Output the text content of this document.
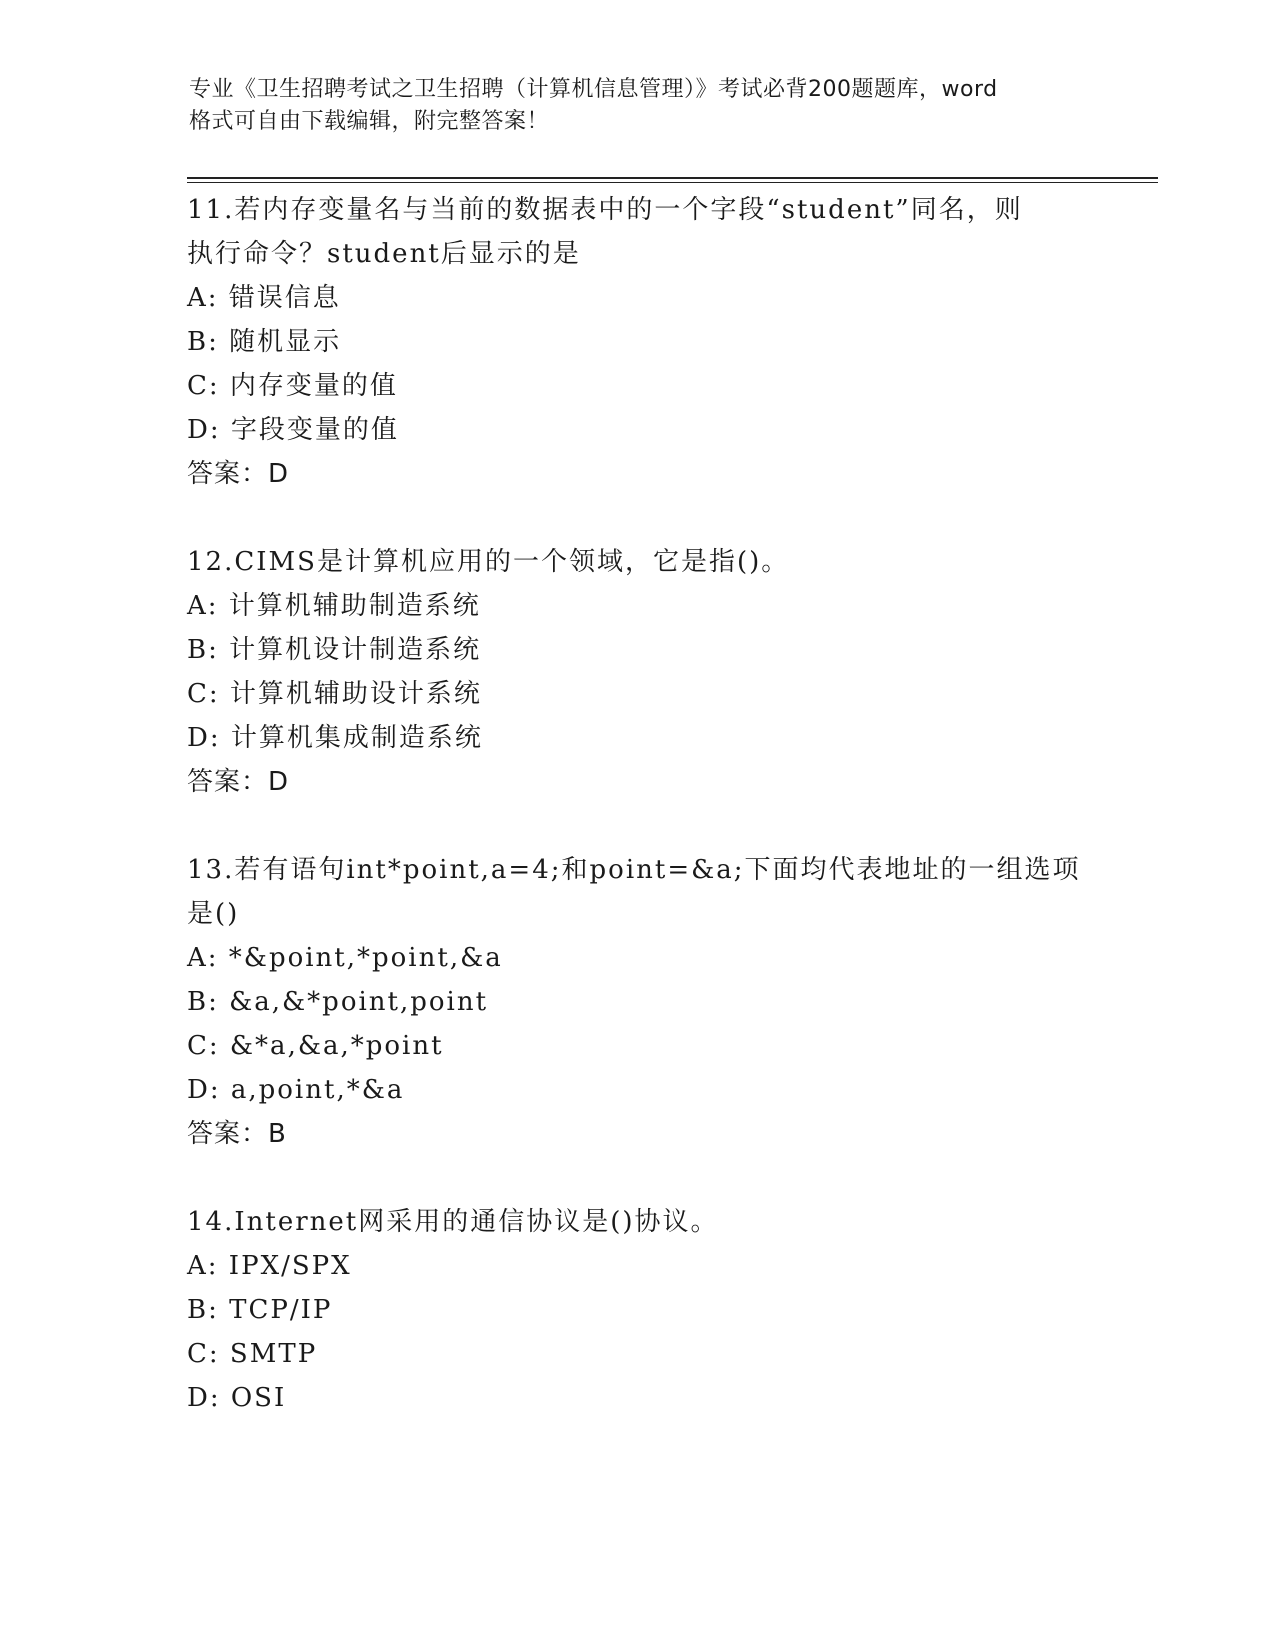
专业《卫生招聘考试之卫生招聘（计算机信息管理）》考试必背200题题库，word
格式可自由下载编辑，附完整答案！
11.若内存变量名与当前的数据表中的一个字段“student”同名，则
执行命令？student后显示的是
A: 错误信息
B: 随机显示
C: 内存变量的值
D: 字段变量的值
答案：D
12.CIMS是计算机应用的一个领域，它是指()。
A: 计算机辅助制造系统
B: 计算机设计制造系统
C: 计算机辅助设计系统
D: 计算机集成制造系统
答案：D
13.若有语句int*point,a=4;和point=&a;下面均代表地址的一组选项
是()
A: *&point,*point,&a
B: &a,&*point,point
C: &*a,&a,*point
D: a,point,*&a
答案：B
14.Internet网采用的通信协议是()协议。
A: IPX/SPX
B: TCP/IP
C: SMTP
D: OSI
